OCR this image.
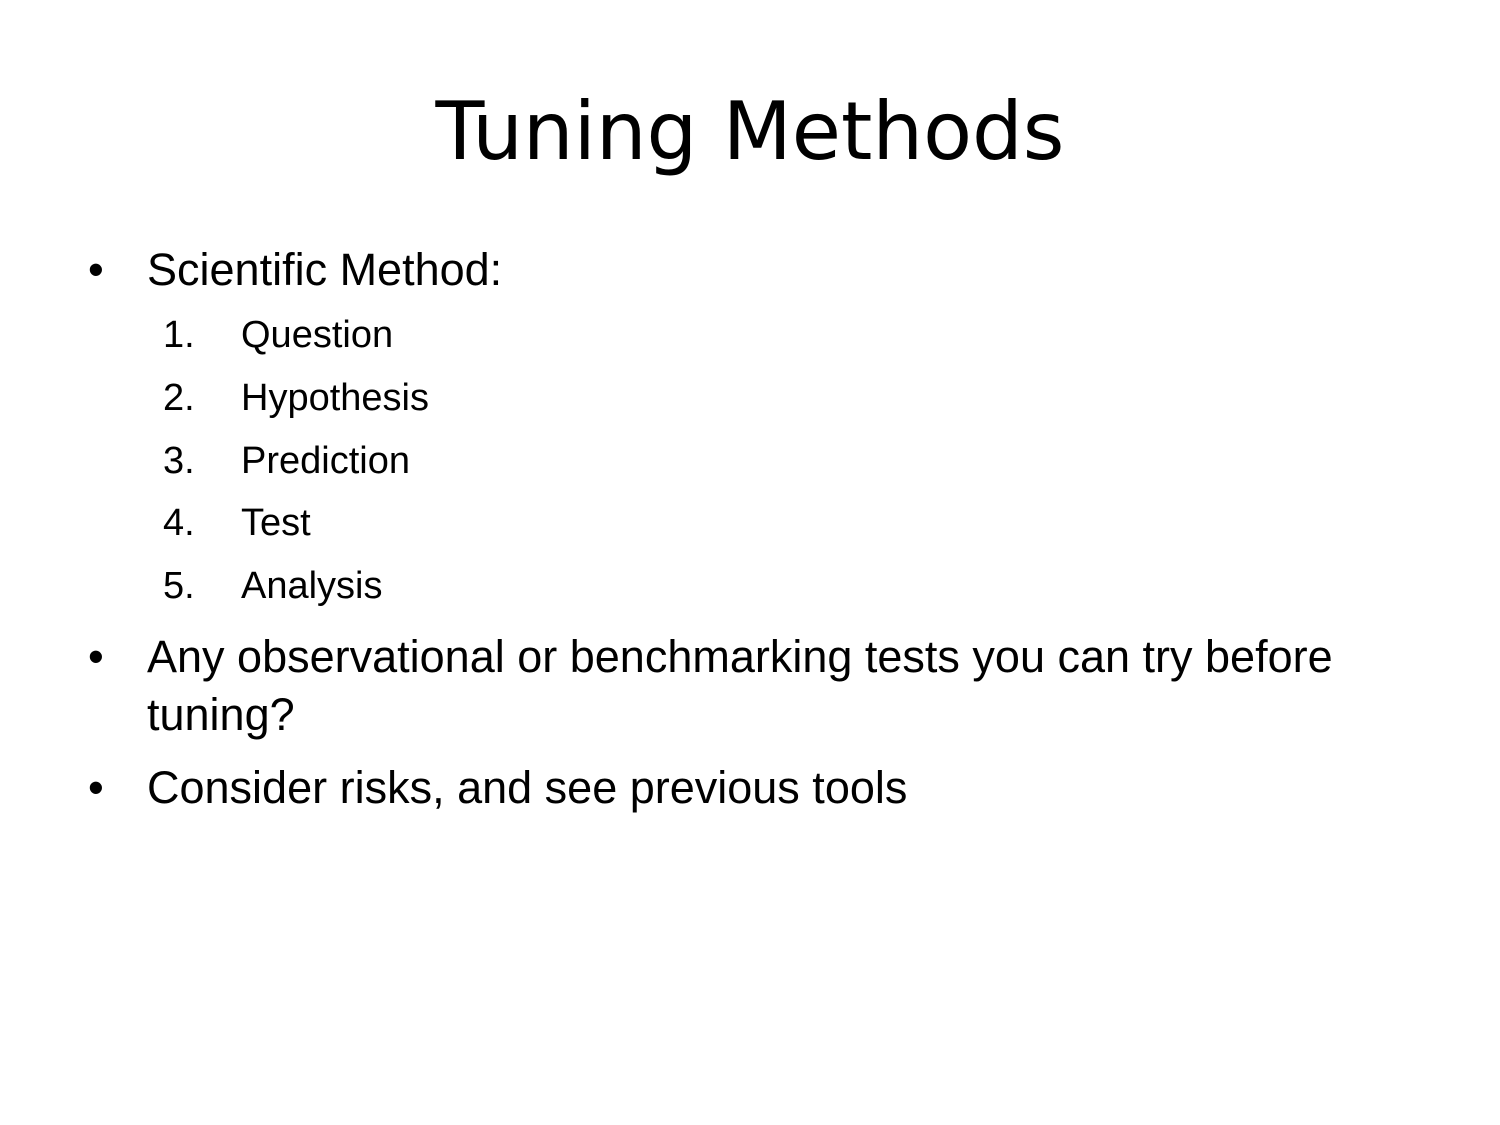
Tuning Methods
• Scientific Method:
1. Question
2. Hypothesis
3. Prediction
4. Test
5. Analysis
• Any observational or benchmarking tests you can try before tuning?
• Consider risks, and see previous tools
